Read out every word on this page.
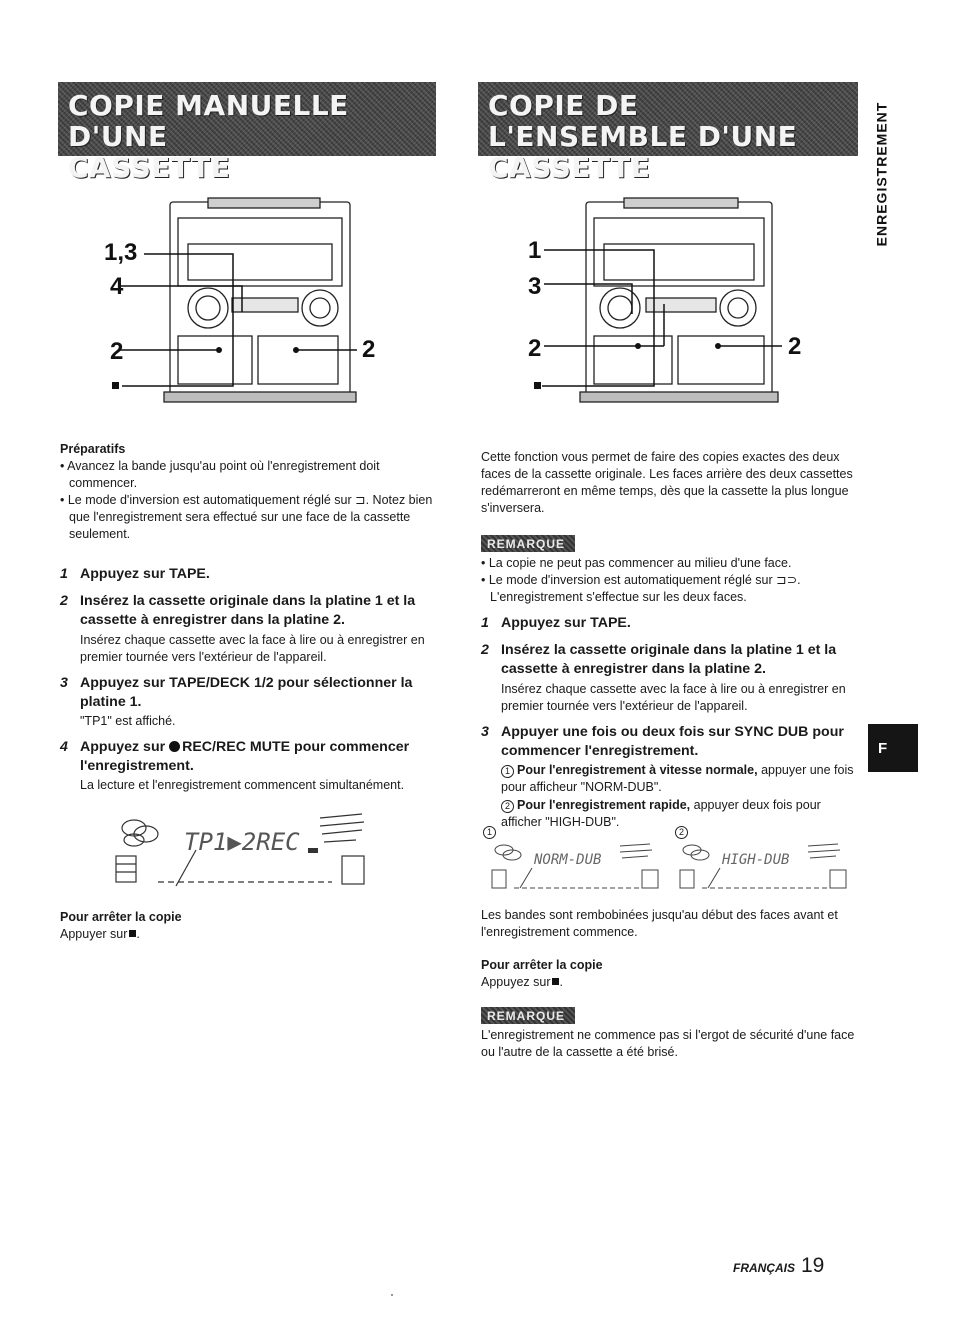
COPIE MANUELLE D'UNE
CASSETTE
COPIE DE L'ENSEMBLE D'UNE
CASSETTE	ENREGISTREMENT
F
1,3
4
2	2
1
3
2	2
Préparatifs
• Avancez la bande jusqu'au point où l'enregistrement doit commencer.
• Le mode d'inversion est automatiquement réglé sur ⊐. Notez bien que l'enregistrement sera effectué sur une face de la cassette seulement.
1 Appuyez sur TAPE.
2 Insérez la cassette originale dans la platine 1 et la cassette à enregistrer dans la platine 2.
Insérez chaque cassette avec la face à lire ou à enregistrer en premier tournée vers l'extérieur de l'appareil.
3 Appuyez sur TAPE/DECK 1/2 pour sélectionner la platine 1.
"TP1" est affiché.
4 Appuyez sur REC/REC MUTE pour commencer l'enregistrement.
La lecture et l'enregistrement commencent simultanément.
TP1▶2REC
Pour arrêter la copie
Appuyer sur .

Cette fonction vous permet de faire des copies exactes des deux faces de la cassette originale. Les faces arrière des deux cassettes redémarreront en même temps, dès que la cassette la plus longue s'inversera.

REMARQUE
• La copie ne peut pas commencer au milieu d'une face.
• Le mode d'inversion est automatiquement réglé sur ⊐⊃. L'enregistrement s'effectue sur les deux faces.
1 Appuyez sur TAPE.
2 Insérez la cassette originale dans la platine 1 et la cassette à enregistrer dans la platine 2.
Insérez chaque cassette avec la face à lire ou à enregistrer en premier tournée vers l'extérieur de l'appareil.
3 Appuyer une fois ou deux fois sur SYNC DUB pour commencer l'enregistrement.
1 Pour l'enregistrement à vitesse normale, appuyer une fois pour afficheur "NORM-DUB".
2 Pour l'enregistrement rapide, appuyer deux fois pour afficher "HIGH-DUB".
1	2
NORM-DUB	HIGH-DUB

Les bandes sont rembobinées jusqu'au début des faces avant et l'enregistrement commence.

Pour arrêter la copie
Appuyez sur .
REMARQUE

L'enregistrement ne commence pas si l'ergot de sécurité d'une face ou l'autre de la cassette a été brisé.

FRANÇAIS 19
